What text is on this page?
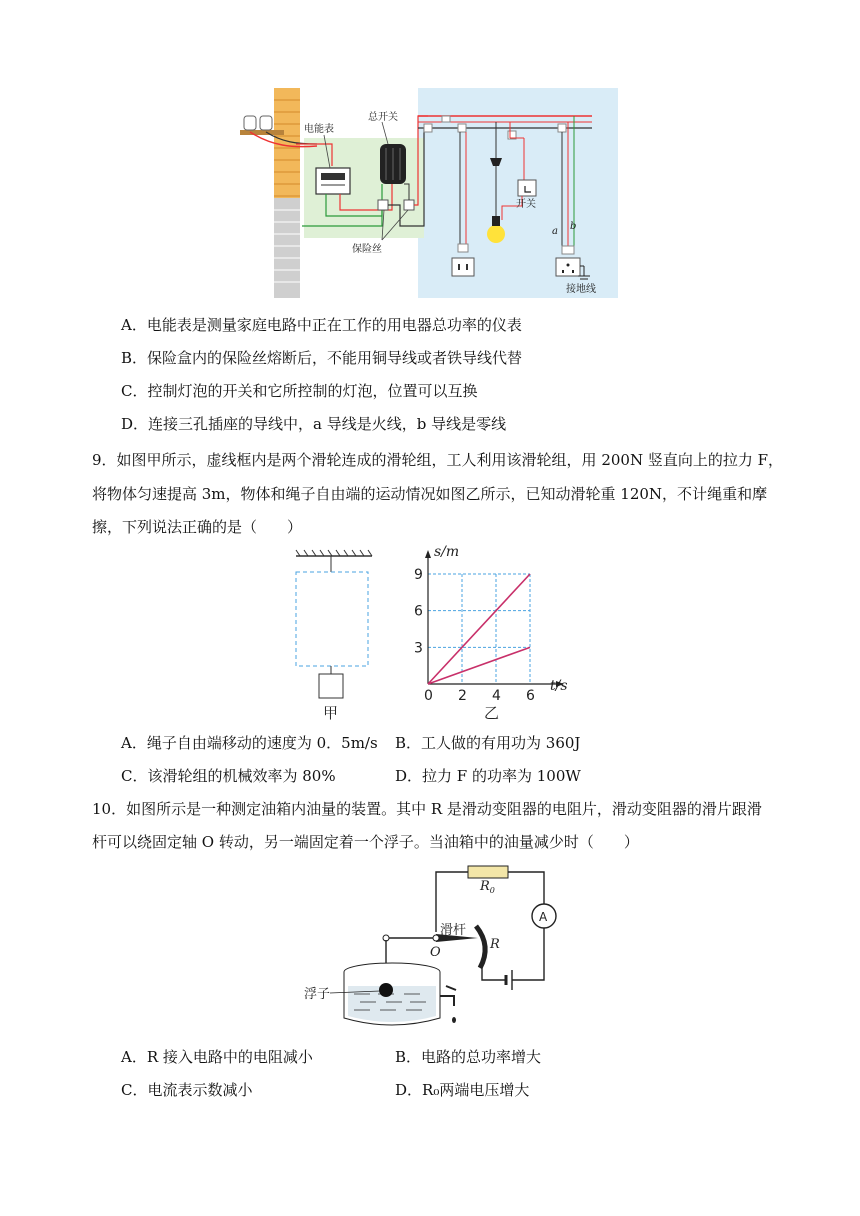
总开关
电能表
保险丝
开关
a b
接地线
A．电能表是测量家庭电路中正在工作的用电器总功率的仪表
B．保险盒内的保险丝熔断后，不能用铜导线或者铁导线代替
C．控制灯泡的开关和它所控制的灯泡，位置可以互换
D．连接三孔插座的导线中，a 导线是火线，b 导线是零线
9．如图甲所示，虚线框内是两个滑轮连成的滑轮组，工人利用该滑轮组，用 200N 竖直向上的拉力 F，
将物体匀速提高 3m，物体和绳子自由端的运动情况如图乙所示，已知动滑轮重 120N，不计绳重和摩
擦，下列说法正确的是（　　）
甲
0 2 4 6
3
6
9
s/m
t/s
乙
A．绳子自由端移动的速度为 0．5m/s B．工人做的有用功为 360J
C．该滑轮组的机械效率为 80%	D．拉力 F 的功率为 100W
10．如图所示是一种测定油箱内油量的装置。其中 R 是滑动变阻器的电阻片，滑动变阻器的滑片跟滑
杆可以绕固定轴 O 转动，另一端固定着一个浮子。当油箱中的油量减少时（　　）
A
$R_0$
滑杆
O
R
浮子
A．R 接入电路中的电阻减小	B．电路的总功率增大
C．电流表示数减小	D．R₀两端电压增大
